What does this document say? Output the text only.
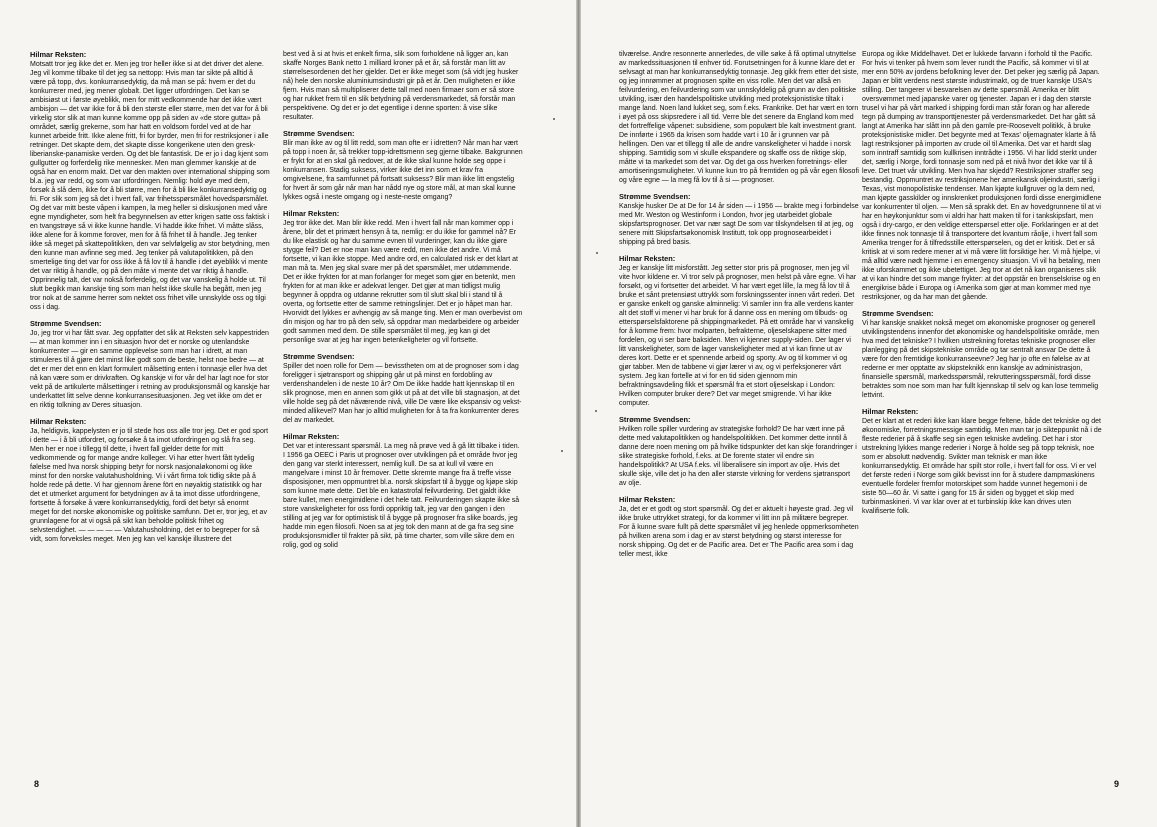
Hilmar Reksten:
Motsatt tror jeg ikke det er. Men jeg tror heller ikke si at det driver det alene. Jeg vil komme tilbake til det jeg sa nettopp: Hvis man tar sikte på alltid å være på topp, dvs. konkurransedyktig, da må man se på: hvem er det du konkurrerer med, jeg mener globalt. Det ligger utfordringen. Det kan se ambisiøst ut i første øyeblikk, men for mitt vedkommende har det ikke vært ambisjon — det var ikke for å bli den største eller større, men det var for å bli virkelig stor slik at man kunne komme opp på siden av «de store gutta» på området, særlig grekerne, som har hatt en voldsom fordel ved at de har kunnet arbeide fritt. Ikke alene fritt, fri for byrder, men fri for restriksjoner i alle retninger. Det skapte dem, det skapte disse kongerikene uten den gresk-liberianske-panamiske verden. Og det ble fantastisk. De er jo i dag kjent som gullgutter og forferdelig rike mennesker. Men man glemmer kanskje at de også har en enorm makt. Det var den makten over international shipping som bl.a. jeg var redd, og som var utfordringen. Nemlig: hold øye med dem, forsøk å slå dem, ikke for å bli større, men for å bli like konkurransedyktig og fri. For slik som jeg så det i hvert fall, var frihetsspørsmålet hovedspørsmålet. Og det var mitt beste våpen i kampen, la meg heller si diskusjonen med våre egne myndigheter, som helt fra begynnelsen av etter krigen satte oss faktisk i en tvangstrøye så vi ikke kunne handle. Vi hadde ikke frihet. Vi måtte slåss, ikke alene for å komme forover, men for å få frihet til å handle. Jeg tenker ikke så meget på skattepolitikken, den var selvfølgelig av stor betydning, men den kunne man avfinne seg med. Jeg tenker på valutapolitikken, på den smertelige ting det var for oss ikke å få lov til å handle i det øyeblikk vi mente det var riktig å handle, og på den måte vi mente det var riktig å handle. Opprinnelig talt, det var nokså forferdelig, og det var vanskelig å holde ut. Til slutt begikk man kanskje ting som man helst ikke skulle ha begått, men jeg tror nok at de samme herrer som nektet oss frihet ville unnskylde oss og tilgi oss i dag.
Strømme Svendsen:
Jo, jeg tror vi har fått svar. Jeg oppfatter det slik at Reksten selv kappestriden — at man kommer inn i en situasjon hvor det er norske og utenlandske konkurrenter — gir en samme opplevelse som man har i idrett, at man stimuleres til å gjøre det minst like godt som de beste, helst noe bedre — at det er mer det enn en klart formulert målsetting enten i tonnasje eller hva det nå kan være som er drivkraften. Og kanskje vi for vår del har lagt noe for stor vekt på de artikulerte målsettinger i retning av produksjonsmål og kanskje har underkattet litt selve denne konkurransesituasjonen. Jeg vet ikke om det er en riktig tolkning av Deres situasjon.
Hilmar Reksten:
Ja, heldigvis, kappelysten er jo til stede hos oss alle tror jeg. Det er god sport i dette — i å bli utfordret, og forsøke å ta imot utfordringen og slå fra seg. Men her er noe i tillegg til dette, i hvert fall gjelder dette for mitt vedkommende og for mange andre kolleger. Vi har etter hvert fått tydelig følelse med hva norsk shipping betyr for norsk nasjonaløkonomi og ikke minst for den norske valutahusholdning. Vi i vårt firma tok tidlig sikte på å holde rede på dette. Vi har gjennom årene fört en nøyaktig statistikk og har det et utmerket argument for betydningen av å ta imot disse utfordringene, fortsette å forsøke å være konkurransedyktig, fordi det betyr så enormt meget for det norske økonomiske og politiske samfunn. Det er, tror jeg, et av grunnlagene for at vi også på sikt kan beholde politisk frihet og selvstendighet. — — — — — Valutahusholdning, det er to begreper for så vidt, som forveksles meget. Men jeg kan vel kanskje illustrere det
best ved å si at hvis et enkelt firma, slik som forholdene nå ligger an, kan skaffe Norges Bank netto 1 milliard kroner på et år, så forstår man litt av størrelsesordenen det her gjelder. Det er ikke meget som (så vidt jeg husker nå) hele den norske aluminiumsindustri gir på et år. Den muligheten er ikke fjern. Hvis man så multipliserer dette tall med noen firmaer som er så store og har rukket frem til en slik betydning på verdensmarkedet, så forstår man perspektivene. Og det er jo det egentlige i denne sporten: å vise slike resultater.
Strømme Svendsen:
Blir man ikke av og til litt redd, som man ofte er i idretten? Når man har vært på topp i noen år, så trekker topp-idrettsmenn seg gjerne tilbake. Bakgrunnen er frykt for at en skal gå nedover, at de ikke skal kunne holde seg oppe i konkurransen. Stadig suksess, virker ikke det inn som et krav fra omgivelsene, fra samfunnet på fortsatt suksess? Blir man ikke litt engstelig for hvert år som går når man har nådd nye og store mål, at man skal kunne lykkes også i neste omgang og i neste-neste omgang?
Hilmar Reksten:
Jeg tror ikke det. Man blir ikke redd. Men i hvert fall når man kommer opp i årene, blir det et primært hensyn å ta, nemlig: er du ikke for gammel nå? Er du like elastisk og har du samme evnen til vurderinger, kan du ikke gjøre stygge feil? Det er noe man kan være redd, men ikke det andre. Vi må fortsette, vi kan ikke stoppe. Med andre ord, en calculated risk er det klart at man må ta. Men jeg skal svare mer på det spørsmålet, mer utdømmende. Det er ikke frykten for at man forlanger for meget som gjør en betenkt, men frykten for at man ikke er adekvat lenger. Det gjør at man tidligst mulig begynner å oppdra og utdanne rekrutter som til slutt skal bli i stand til å overta, og fortsette etter de samme retningslinjer. Det er jo håpet man har. Hvorvidt det lykkes er avhengig av så mange ting. Men er man overbevist om din misjon og har tro på den selv, så oppdrar man medarbeidere og arbeider godt sammen med dem. De stille spørsmålet til meg, jeg kan gi det personlige svar at jeg har ingen betenkeligheter og vil fortsette.
Strømme Svendsen:
Spiller det noen rolle for Dem — bevisstheten om at de prognoser som i dag foreligger i sjøtransport og shipping går ut på minst en fordobling av verdenshandelen i de neste 10 år? Om De ikke hadde hatt kjennskap til en slik prognose, men en annen som gikk ut på at det ville bli stagnasjon, at det ville holde seg på det nåværende nivå, ville De være like ekspansiv og vekst-minded allikevel? Man har jo alltid muligheten for å ta fra konkurrenter deres del av markedet.
Hilmar Reksten:
Det var et interessant spørsmål. La meg nå prøve ved å gå litt tilbake i tiden. I 1956 ga OEEC i Paris ut prognoser over utviklingen på et område hvor jeg den gang var sterkt interessert, nemlig kull. De sa at kull vil være en mangelvare i minst 10 år fremover. Dette skremte mange fra å treffe visse disposisjoner, men oppmuntret bl.a. norsk skipsfart til å bygge og kjøpe skip som kunne møte dette. Det ble en katastrofal feilvurdering. Det gjaldt ikke bare kullet, men energimidlene i det hele tatt. Feilvurderingen skapte ikke så store vanskeligheter for oss fordi oppriktig talt, jeg var den gangen i den stilling at jeg var for optimistisk til å bygge på prognoser fra slike boards, jeg hadde min egen filosofi. Noen sa at jeg tok den mann at de ga fra seg sine produksjonsmidler til frakter på sikt, på time charter, som ville sikre dem en rolig, god og solid
8
tilværelse. Andre resonnerte annerledes, de ville søke å få optimal utnyttelse av markedssituasjonen til enhver tid. Forutsetningen for å kunne klare det er selvsagt at man har konkurransedyktig tonnasje. Jeg gikk frem etter det siste, og jeg innrømmer at prognosen spilte en viss rolle. Men det var allså en feilvurdering, en feilvurdering som var unnskyldelig på grunn av den politiske utvikling, især den handelspolitiske utvikling med proteksjonistiske tiltak i mange land. Noen land lukket seg, som f.eks. Frankrike. Det har vært en torn i øyet på oss skipsredere i all tid. Verre ble det senere da England kom med det fortreffelige våpenet: subsidiene, som populært ble kalt investment grant. De innførte i 1965 da krisen som hadde vart i 10 år i grunnen var på hellingen. Den var et tillegg til alle de andre vanskeligheter vi hadde i norsk shipping. Samtidig som vi skulle ekspandere og skaffe oss de riktige skip, måtte vi ta markedet som det var. Og det ga oss hverken forretnings- eller amortiseringsmuligheter. Vi kunne kun tro på fremtiden og på vår egen filosofi og våre egne — la meg få lov til å si — prognoser.
Strømme Svendsen:
Kanskje husker De at De for 14 år siden — i 1956 — brakte meg i forbindelse med Mr. Weston og Westinform i London, hvor jeg utarbeidet globale skipsfartsprognoser. Det var nær sagt De som var tilskyndelsen til at jeg, og senere mitt Skipsfartsøkonomisk Institutt, tok opp prognosearbeidet i shipping på bred basis.
Hilmar Reksten:
Jeg er kanskje litt misforstått. Jeg setter stor pris på prognoser, men jeg vil vite hvor kildene er. Vi tror selv på prognoser, men helst på våre egne. Vi har forsøkt, og vi fortsetter det arbeidet. Vi har vært eget lille, la meg få lov til å bruke et sånt pretensiøst uttrykk som forskningssenter innen vårt rederi. Det er ganske enkelt og ganske alminnelig: Vi samler inn fra alle verdens kanter alt det stoff vi mener vi har bruk for å danne oss en mening om tilbuds- og etterspørselsfaktorene på shippingmarkedet. På ett område har vi vanskelig for å komme frem: hvor molparten, befrakterne, oljeselskapene sitter med fordelen, og vi ser bare baksiden. Men vi kjenner supply-siden. Der lager vi litt vanskeligheter, som de lager vanskeligheter med at vi kan finne ut av deres kort. Dette er et spennende arbeid og sporty. Av og til kommer vi og gjør tabber. Men de tabbene vi gjør lærer vi av, og vi perfeksjonerer vårt system. Jeg kan fortelle at vi for en tid siden gjennom min befraktningsavdeling fikk et spørsmål fra et stort oljeselskap i London: Hvilken computer bruker dere? Det var meget smigrende. Vi har ikke computer.
Strømme Svendsen:
Hvilken rolle spiller vurdering av strategiske forhold? De har vært inne på dette med valutapolitikken og handelspolitikken. Det kommer dette inntil å danne dere noen mening om på hvilke tidspunkter det kan skje forandringer i slike strategiske forhold, f.eks. at De forente stater vil endre sin handelspolitikk? At USA f.eks. vil liberalisere sin import av olje. Hvis det skulle skje, ville det jo ha den aller største virkning for verdens sjøtransport av olje.
Hilmar Reksten:
Ja, det er et godt og stort spørsmål. Og det er aktuelt i høyeste grad. Jeg vil ikke bruke uttrykket strategi, for da kommer vi litt inn på militære begreper. For å kunne svare fullt på dette spørsmålet vil jeg henlede oppmerksomheten på hvilken arena som i dag er av størst betydning og størst interesse for norsk shipping. Og det er de Pacific area. Det er The Pacific area som i dag teller mest, ikke
Europa og ikke Middelhavet. Det er lukkede farvann i forhold til the Pacific. For hvis vi tenker på hvem som lever rundt the Pacific, så kommer vi til at mer enn 50% av jordens befolkning lever der. Det peker jeg særlig på Japan. Japan er blitt verdens nest største industrimakt, og de truer kanskje USA's stilling. Der tangerer vi besvarelsen av dette spørsmål. Amerika er blitt oversvømmet med japanske varer og tjenester. Japan er i dag den største trusel vi har på vårt marked i shipping fordi man står foran og har allerede tegn på dumping av transporttjenester på verdensmarkedet. Det har gått så langt at Amerika har slått inn på den gamle pre-Roosevelt politikk, å bruke proteksjonistiske midler. Det begynte med at Texas' oljemagnater klarte å få lagt restriksjoner på importen av crude oil til Amerika. Det var et hardt slag som inntraff samtidig som kullkrisen inntrådte i 1956. Vi har lidd sterkt under det, særlig i Norge, fordi tonnasje som ned på et nivå hvor det ikke var til å leve. Det truet vår utvikling. Men hva har skjedd? Restriksjoner straffer seg bestandig. Oppmuntret av restriksjonene her amerikansk oljeindustri, særlig i Texas, vist monopolistiske tendenser. Man kjøpte kullgruver og la dem ned, man kjøpte gasskilder og innskrenket produksjonen fordi disse energimidlene var konkurrenter til oljen. — Men så sprakk det. En av hovedgrunnene til at vi har en høykonjunktur som vi aldri har hatt maken til for i tankskipsfart, men også i dry-cargo, er den veldige etterspørsel etter olje. Forklaringen er at det ikke finnes nok tonnasje til å transportere det kvantum råolje, i hvert fall som Amerika trenger for å tilfredsstille etterspørselen, og det er kritisk. Det er så kritisk at vi som redere mener at vi må være litt forsiktige her. Vi må hjelpe, vi må alltid være nødt hjemme i en emergency situasjon. Vi vil ha betaling, men ikke uforskammet og ikke ubetettiget. Jeg tror at det nå kan organiseres slik at vi kan hindre det som mange frykter: at det oppstår en brenselskrise og en energikrise både i Europa og i Amerika som gjør at man kommer med nye restriksjoner, og da har man det gående.
Strømme Svendsen:
Vi har kanskje snakket nokså meget om økonomiske prognoser og generell utviklingstendens innenfor det økonomiske og handelspolitiske område, men hva med det tekniske? I hvilken utstrekning foretas tekniske prognoser eller planlegging på det skipstekniske område og tar sentralt ansvar De dette å være for den fremtidige konkurranseevne? Jeg har jo ofte en følelse av at rederne er mer opptatte av skipsteknikk enn kanskje av administrasjon, finansielle spørsmål, markedsspørsmål, rekrutteringsspørsmål, fordi disse betraktes som noe som man har fullt kjennskap til selv og kan lose temmelig lettvint.
Hilmar Reksten:
Det er klart at et rederi ikke kan klare begge feltene, både det tekniske og det økonomiske, forretningsmessige samtidig. Men man tar jo sikteppunkt nå i de fleste rederier på å skaffe seg sin egen tekniske avdeling. Det har i stor utstrekning lykkes mange rederier i Norge å holde seg på topp teknisk, noe som er absolutt nødvendig. Svikter man teknisk er man ikke konkurransedyktig. Et område har spilt stor rolle, i hvert fall for oss. Vi er vel det første rederi i Norge som gikk bevisst inn for å studere dampmaskinens eventuelle fordeler fremfor motorskipet som hadde vunnet hegemoni i de siste 50—60 år. Vi satte i gang for 15 år siden og bygget et skip med turbinmaskineri. Vi var klar over at et turbinskip ikke kan drives uten kvalifiserte folk.
9
